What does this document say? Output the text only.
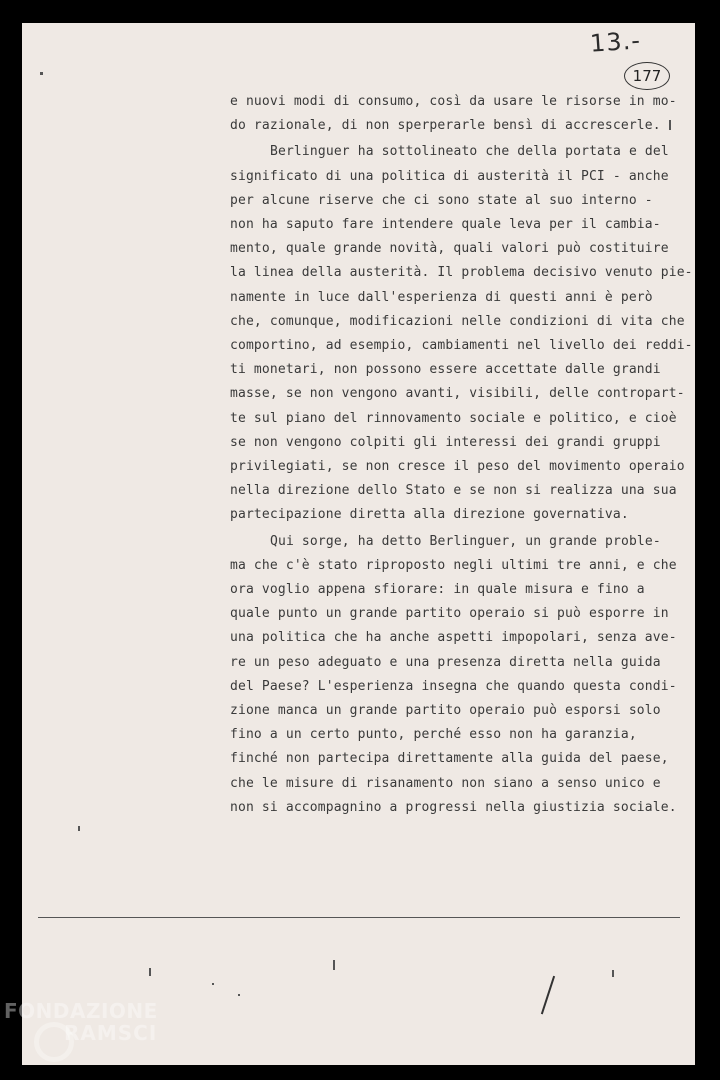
13.-
177
e nuovi modi di consumo, così da usare le risorse in mo-
do razionale, di non sperperarle bensì di accrescerle.
Berlinguer ha sottolineato che della portata e del
significato di una politica di austerità il PCI - anche
per alcune riserve che ci sono state al suo interno -
non ha saputo fare intendere quale leva per il cambia-
mento, quale grande novità, quali valori può costituire
la linea della austerità. Il problema decisivo venuto pie-
namente in luce dall'esperienza di questi anni è però
che, comunque, modificazioni nelle condizioni di vita che
comportino, ad esempio, cambiamenti nel livello dei reddi-
ti monetari, non possono essere accettate dalle grandi
masse, se non vengono avanti, visibili, delle contropart-
te sul piano del rinnovamento sociale e politico, e cioè
se non vengono colpiti gli interessi dei grandi gruppi
privilegiati, se non cresce il peso del movimento operaio
nella direzione dello Stato e se non si realizza una sua
partecipazione diretta alla direzione governativa.
Qui sorge, ha detto Berlinguer, un grande proble-
ma che c'è stato riproposto negli ultimi tre anni, e che
ora voglio appena sfiorare: in quale misura e fino a
quale punto un grande partito operaio si può esporre in
una politica che ha anche aspetti impopolari, senza ave-
re un peso adeguato e una presenza diretta nella guida
del Paese? L'esperienza insegna che quando questa condi-
zione manca un grande partito operaio può esporsi solo
fino a un certo punto, perché esso non ha garanzia,
finché non partecipa direttamente alla guida del paese,
che le misure di risanamento non siano a senso unico e
non si accompagnino a progressi nella giustizia sociale.
FONDAZIONE
RAMSCI
